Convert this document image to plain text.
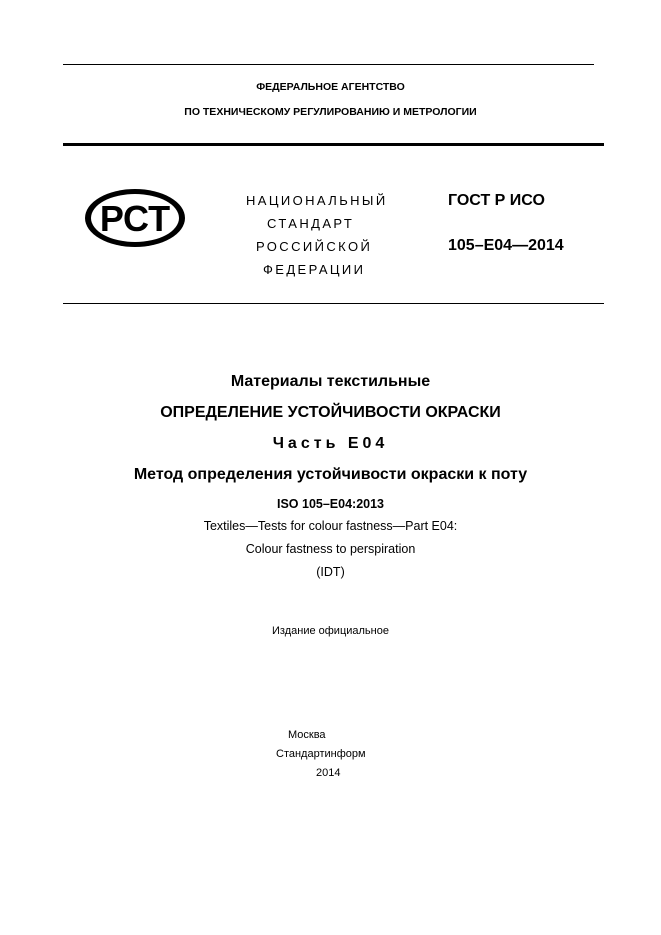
ФЕДЕРАЛЬНОЕ АГЕНТСТВО
ПО ТЕХНИЧЕСКОМУ РЕГУЛИРОВАНИЮ И МЕТРОЛОГИИ
РСТ	НАЦИОНАЛЬНЫЙ
СТАНДАРТ
РОССИЙСКОЙ
ФЕДЕРАЦИИ
ГОСТ Р ИСО
105–E04—2014
Материалы текстильные
ОПРЕДЕЛЕНИЕ УСТОЙЧИВОСТИ ОКРАСКИ
Часть E04
Метод определения устойчивости окраски к поту
ISO 105–E04:2013
Textiles—Tests for colour fastness—Part E04:
Colour fastness to perspiration
(IDT)
Издание официальное
Москва
Стандартинформ
2014
